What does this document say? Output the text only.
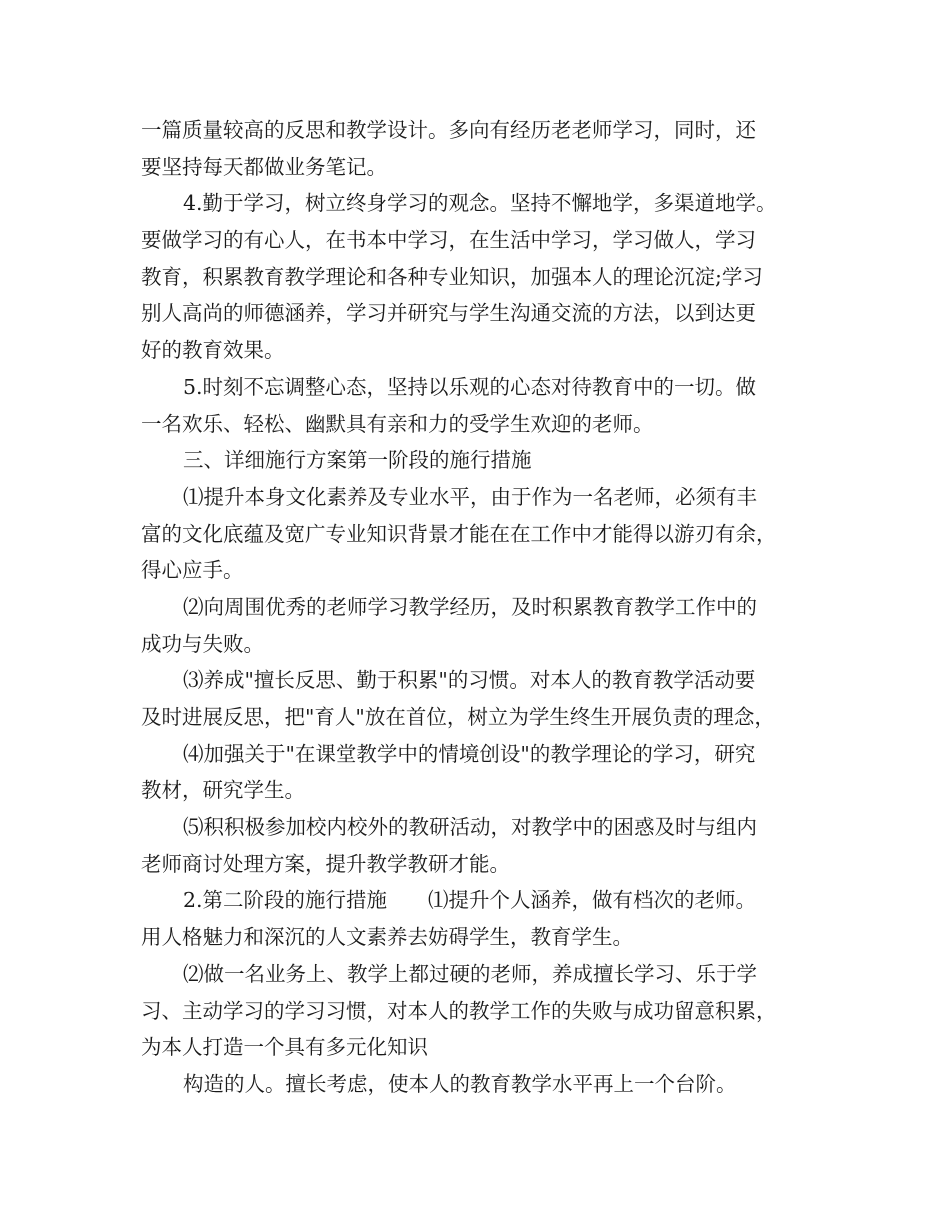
一篇质量较高的反思和教学设计。多向有经历老老师学习，同时，还
要坚持每天都做业务笔记。
4.勤于学习，树立终身学习的观念。坚持不懈地学，多渠道地学。
要做学习的有心人，在书本中学习，在生活中学习，学习做人，学习
教育，积累教育教学理论和各种专业知识，加强本人的理论沉淀;学习
别人高尚的师德涵养，学习并研究与学生沟通交流的方法，以到达更
好的教育效果。
5.时刻不忘调整心态，坚持以乐观的心态对待教育中的一切。做
一名欢乐、轻松、幽默具有亲和力的受学生欢迎的老师。
三、详细施行方案第一阶段的施行措施
⑴提升本身文化素养及专业水平，由于作为一名老师，必须有丰
富的文化底蕴及宽广专业知识背景才能在在工作中才能得以游刃有余，
得心应手。
⑵向周围优秀的老师学习教学经历，及时积累教育教学工作中的
成功与失败。
⑶养成"擅长反思、勤于积累"的习惯。对本人的教育教学活动要
及时进展反思，把"育人"放在首位，树立为学生终生开展负责的理念，
⑷加强关于"在课堂教学中的情境创设"的教学理论的学习，研究
教材，研究学生。
⑸积积极参加校内校外的教研活动，对教学中的困惑及时与组内
老师商讨处理方案，提升教学教研才能。
2.第二阶段的施行措施　　⑴提升个人涵养，做有档次的老师。
用人格魅力和深沉的人文素养去妨碍学生，教育学生。
⑵做一名业务上、教学上都过硬的老师，养成擅长学习、乐于学
习、主动学习的学习习惯，对本人的教学工作的失败与成功留意积累，
为本人打造一个具有多元化知识
构造的人。擅长考虑，使本人的教育教学水平再上一个台阶。
